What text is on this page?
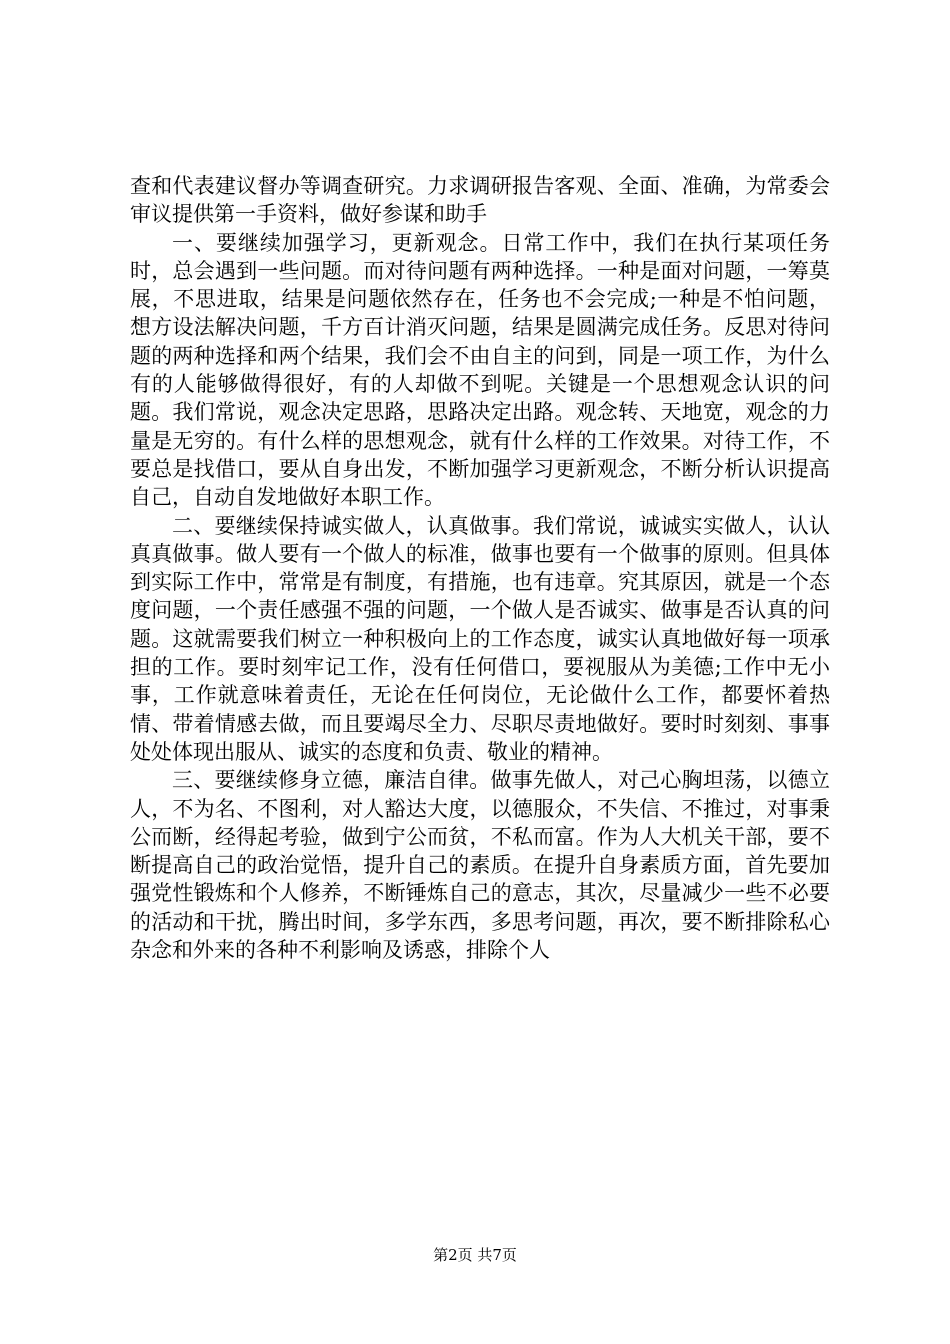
查和代表建议督办等调查研究。力求调研报告客观、全面、准确，为常委会审议提供第一手资料，做好参谋和助手

一、要继续加强学习，更新观念。日常工作中，我们在执行某项任务时，总会遇到一些问题。而对待问题有两种选择。一种是面对问题，一筹莫展，不思进取，结果是问题依然存在，任务也不会完成;一种是不怕问题，想方设法解决问题，千方百计消灭问题，结果是圆满完成任务。反思对待问题的两种选择和两个结果，我们会不由自主的问到，同是一项工作，为什么有的人能够做得很好，有的人却做不到呢。关键是一个思想观念认识的问题。我们常说，观念决定思路，思路决定出路。观念转、天地宽，观念的力量是无穷的。有什么样的思想观念，就有什么样的工作效果。对待工作，不要总是找借口，要从自身出发，不断加强学习更新观念，不断分析认识提高自己，自动自发地做好本职工作。

二、要继续保持诚实做人，认真做事。我们常说，诚诚实实做人，认认真真做事。做人要有一个做人的标准，做事也要有一个做事的原则。但具体到实际工作中，常常是有制度，有措施，也有违章。究其原因，就是一个态度问题，一个责任感强不强的问题，一个做人是否诚实、做事是否认真的问题。这就需要我们树立一种积极向上的工作态度，诚实认真地做好每一项承担的工作。要时刻牢记工作，没有任何借口，要视服从为美德;工作中无小事，工作就意味着责任，无论在任何岗位，无论做什么工作，都要怀着热情、带着情感去做，而且要竭尽全力、尽职尽责地做好。要时时刻刻、事事处处体现出服从、诚实的态度和负责、敬业的精神。

三、要继续修身立德，廉洁自律。做事先做人，对己心胸坦荡，以德立人，不为名、不图利，对人豁达大度，以德服众，不失信、不推过，对事秉公而断，经得起考验，做到宁公而贫，不私而富。作为人大机关干部，要不断提高自己的政治觉悟，提升自己的素质。在提升自身素质方面，首先要加强党性锻炼和个人修养，不断锤炼自己的意志，其次，尽量减少一些不必要的活动和干扰，腾出时间，多学东西，多思考问题，再次，要不断排除私心杂念和外来的各种不利影响及诱惑，排除个人

第2页 共7页
